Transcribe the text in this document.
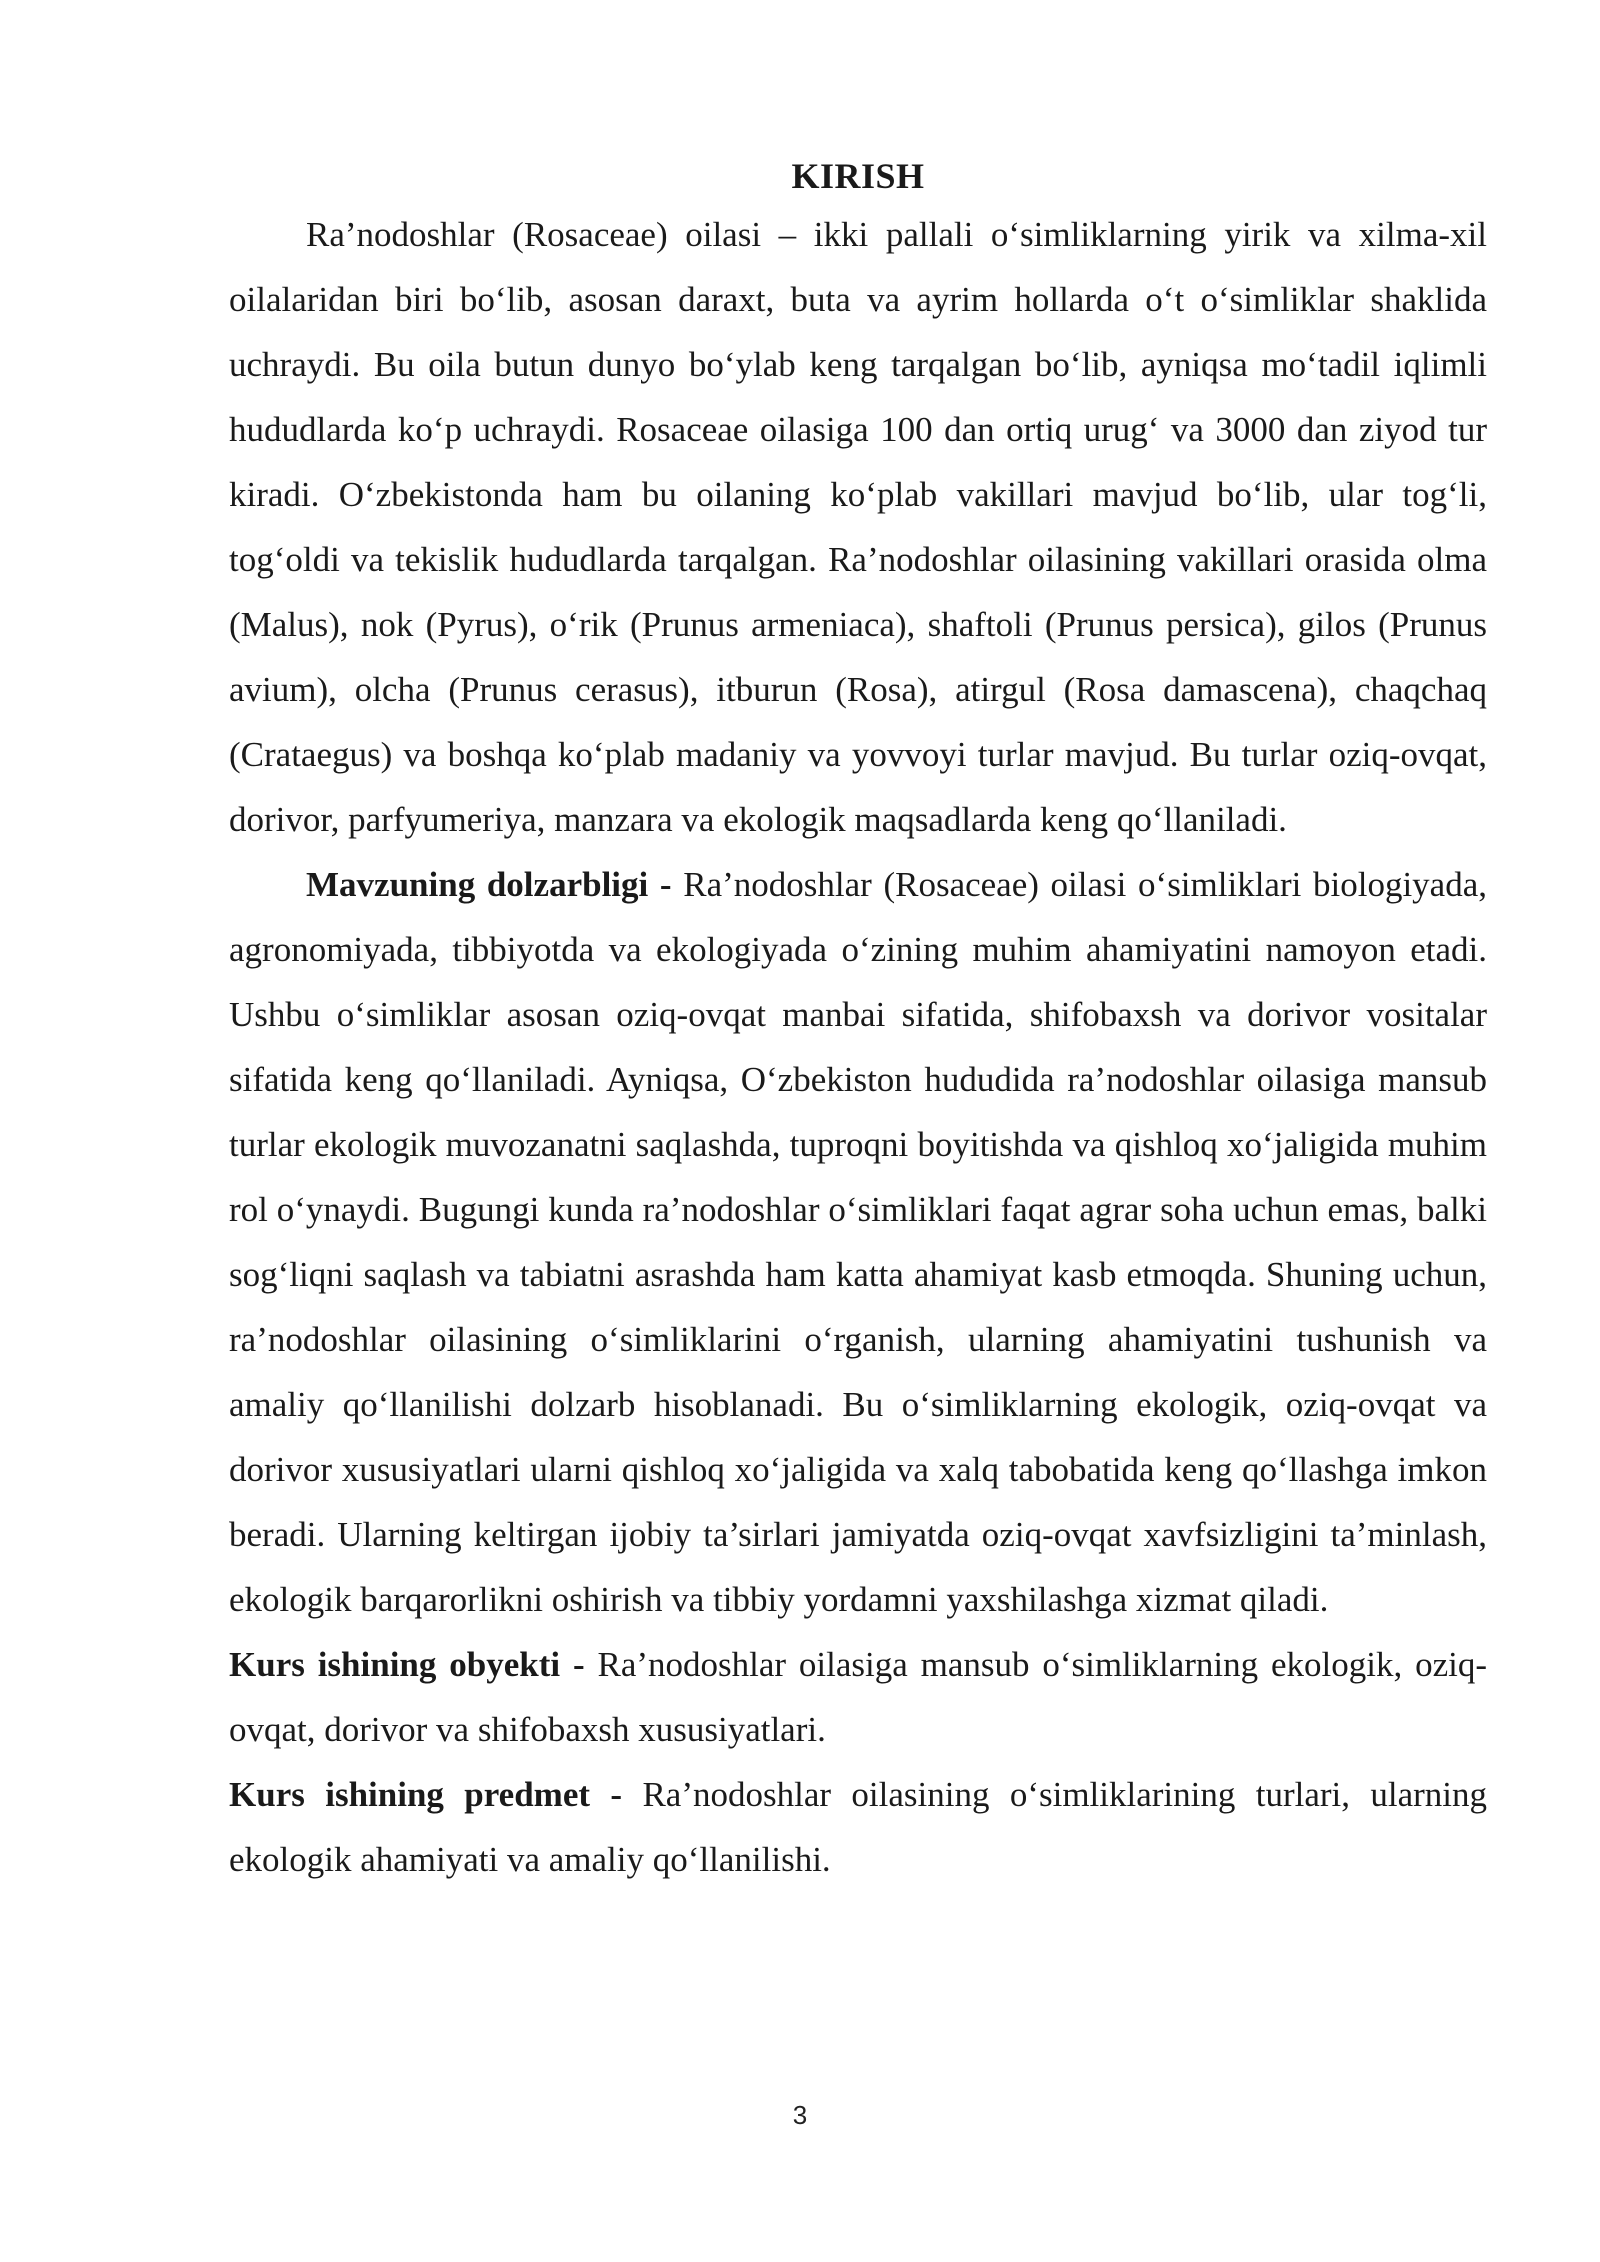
KIRISH

Ra’nodoshlar (Rosaceae) oilasi – ikki pallali o‘simliklarning yirik va xilma-xil oilalaridan biri bo‘lib, asosan daraxt, buta va ayrim hollarda o‘t o‘simliklar shaklida uchraydi. Bu oila butun dunyo bo‘ylab keng tarqalgan bo‘lib, ayniqsa mo‘tadil iqlimli hududlarda ko‘p uchraydi. Rosaceae oilasiga 100 dan ortiq urug‘ va 3000 dan ziyod tur kiradi. O‘zbekistonda ham bu oilaning ko‘plab vakillari mavjud bo‘lib, ular tog‘li, tog‘oldi va tekislik hududlarda tarqalgan. Ra’nodoshlar oilasining vakillari orasida olma (Malus), nok (Pyrus), o‘rik (Prunus armeniaca), shaftoli (Prunus persica), gilos (Prunus avium), olcha (Prunus cerasus), itburun (Rosa), atirgul (Rosa damascena), chaqchaq (Crataegus) va boshqa ko‘plab madaniy va yovvoyi turlar mavjud. Bu turlar oziq-ovqat, dorivor, parfyumeriya, manzara va ekologik maqsadlarda keng qo‘llaniladi.

Mavzuning dolzarbligi - Ra’nodoshlar (Rosaceae) oilasi o‘simliklari biologiyada, agronomiyada, tibbiyotda va ekologiyada o‘zining muhim ahamiyatini namoyon etadi. Ushbu o‘simliklar asosan oziq-ovqat manbai sifatida, shifobaxsh va dorivor vositalar sifatida keng qo‘llaniladi. Ayniqsa, O‘zbekiston hududida ra’nodoshlar oilasiga mansub turlar ekologik muvozanatni saqlashda, tuproqni boyitishda va qishloq xo‘jaligida muhim rol o‘ynaydi. Bugungi kunda ra’nodoshlar o‘simliklari faqat agrar soha uchun emas, balki sog‘liqni saqlash va tabiatni asrashda ham katta ahamiyat kasb etmoqda. Shuning uchun, ra’nodoshlar oilasining o‘simliklarini o‘rganish, ularning ahamiyatini tushunish va amaliy qo‘llanilishi dolzarb hisoblanadi. Bu o‘simliklarning ekologik, oziq-ovqat va dorivor xususiyatlari ularni qishloq xo‘jaligida va xalq tabobatida keng qo‘llashga imkon beradi. Ularning keltirgan ijobiy ta’sirlari jamiyatda oziq-ovqat xavfsizligini ta’minlash, ekologik barqarorlikni oshirish va tibbiy yordamni yaxshilashga xizmat qiladi.

Kurs ishining obyekti - Ra’nodoshlar oilasiga mansub o‘simliklarning ekologik, oziq-ovqat, dorivor va shifobaxsh xususiyatlari.

Kurs ishining predmet - Ra’nodoshlar oilasining o‘simliklarining turlari, ularning ekologik ahamiyati va amaliy qo‘llanilishi.

3
